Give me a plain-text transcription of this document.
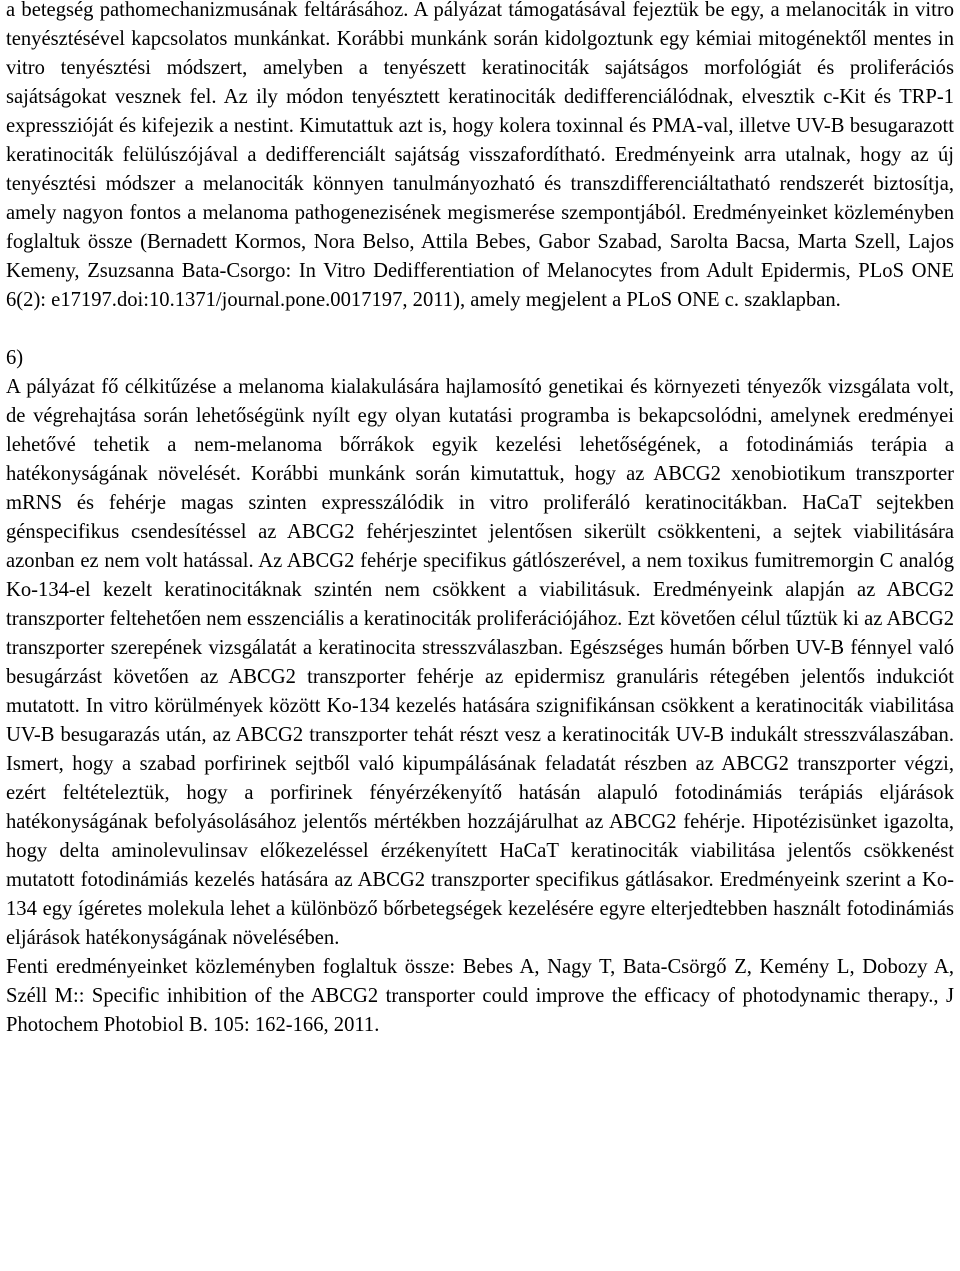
a betegség pathomechanizmusának feltárásához. A pályázat támogatásával fejeztük be egy, a melanociták in vitro tenyésztésével kapcsolatos munkánkat. Korábbi munkánk során kidolgoztunk egy kémiai mitogénektől mentes in vitro tenyésztési módszert, amelyben a tenyészett keratinociták sajátságos morfológiát és proliferációs sajátságokat vesznek fel. Az ily módon tenyésztett keratinociták dedifferenciálódnak, elvesztik c-Kit és TRP-1 expresszióját és kifejezik a nestint. Kimutattuk azt is, hogy kolera toxinnal és PMA-val, illetve UV-B besugarazott keratinociták felülúszójával a dedifferenciált sajátság visszafordítható. Eredményeink arra utalnak, hogy az új tenyésztési módszer a melanociták könnyen tanulmányozható és transzdifferenciáltatható rendszerét biztosítja, amely nagyon fontos a melanoma pathogenezisének megismerése szempontjából. Eredményeinket közleményben foglaltuk össze (Bernadett Kormos, Nora Belso, Attila Bebes, Gabor Szabad, Sarolta Bacsa, Marta Szell, Lajos Kemeny, Zsuzsanna Bata-Csorgo: In Vitro Dedifferentiation of Melanocytes from Adult Epidermis, PLoS ONE 6(2): e17197.doi:10.1371/journal.pone.0017197, 2011), amely megjelent a PLoS ONE c. szaklapban.

6)

A pályázat fő célkitűzése a melanoma kialakulására hajlamosító genetikai és környezeti tényezők vizsgálata volt, de végrehajtása során lehetőségünk nyílt egy olyan kutatási programba is bekapcsolódni, amelynek eredményei lehetővé tehetik a nem-melanoma bőrrákok egyik kezelési lehetőségének, a fotodinámiás terápia a hatékonyságának növelését. Korábbi munkánk során kimutattuk, hogy az ABCG2 xenobiotikum transzporter mRNS és fehérje magas szinten expresszálódik in vitro proliferáló keratinocitákban. HaCaT sejtekben génspecifikus csendesítéssel az ABCG2 fehérjeszintet jelentősen sikerült csökkenteni, a sejtek viabilitására azonban ez nem volt hatással. Az ABCG2 fehérje specifikus gátlószerével, a nem toxikus fumitremorgin C analóg Ko-134-el kezelt keratinocitáknak szintén nem csökkent a viabilitásuk. Eredményeink alapján az ABCG2 transzporter feltehetően nem esszenciális a keratinociták proliferációjához. Ezt követően célul tűztük ki az ABCG2 transzporter szerepének vizsgálatát a keratinocita stresszválaszban. Egészséges humán bőrben UV-B fénnyel való besugárzást követően az ABCG2 transzporter fehérje az epidermisz granuláris rétegében jelentős indukciót mutatott. In vitro körülmények között Ko-134 kezelés hatására szignifikánsan csökkent a keratinociták viabilitása UV-B besugarazás után, az ABCG2 transzporter tehát részt vesz a keratinociták UV-B indukált stresszválaszában. Ismert, hogy a szabad porfirinek sejtből való kipumpálásának feladatát részben az ABCG2 transzporter végzi, ezért feltételeztük, hogy a porfirinek fényérzékenyítő hatásán alapuló fotodinámiás terápiás eljárások hatékonyságának befolyásolásához jelentős mértékben hozzájárulhat az ABCG2 fehérje. Hipotézisünket igazolta, hogy delta aminolevulinsav előkezeléssel érzékenyített HaCaT keratinociták viabilitása jelentős csökkenést mutatott fotodinámiás kezelés hatására az ABCG2 transzporter specifikus gátlásakor. Eredményeink szerint a Ko-134 egy ígéretes molekula lehet a különböző bőrbetegségek kezelésére egyre elterjedtebben használt fotodinámiás eljárások hatékonyságának növelésében.

Fenti eredményeinket közleményben foglaltuk össze: Bebes A, Nagy T, Bata-Csörgő Z, Kemény L, Dobozy A, Széll M:: Specific inhibition of the ABCG2 transporter could improve the efficacy of photodynamic therapy., J Photochem Photobiol B. 105: 162-166, 2011.
